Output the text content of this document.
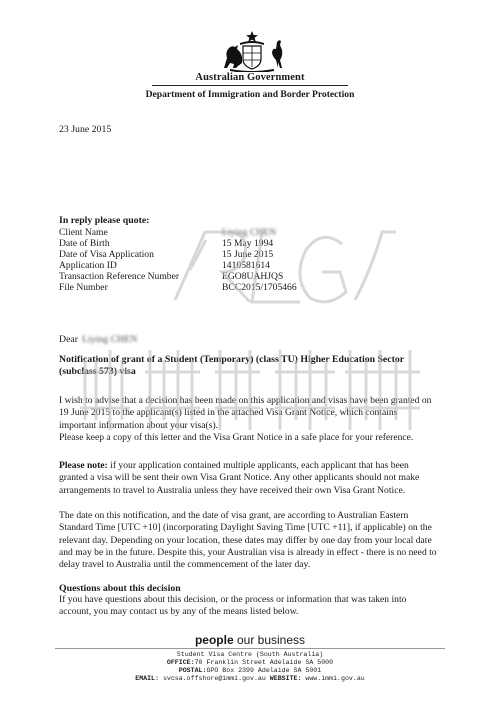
Australian Government
Department of Immigration and Border Protection
23 June 2015
In reply please quote:
Client Name	Liying CHEN
Date of Birth	15 May 1994
Date of Visa Application	15 June 2015
Application ID	1410581614
Transaction Reference Number	EGO8UAHJQS
File Number	BCC2015/1705466
Dear Liying CHEN
Notification of grant of a Student (Temporary) (class TU) Higher Education Sector (subclass 573) visa
I wish to advise that a decision has been made on this application and visas have been granted on 19 June 2015 to the applicant(s) listed in the attached Visa Grant Notice, which contains important information about your visa(s).
Please keep a copy of this letter and the Visa Grant Notice in a safe place for your reference.
Please note: if your application contained multiple applicants, each applicant that has been granted a visa will be sent their own Visa Grant Notice. Any other applicants should not make arrangements to travel to Australia unless they have received their own Visa Grant Notice.
The date on this notification, and the date of visa grant, are according to Australian Eastern Standard Time [UTC +10] (incorporating Daylight Saving Time [UTC +11], if applicable) on the relevant day. Depending on your location, these dates may differ by one day from your local date and may be in the future. Despite this, your Australian visa is already in effect - there is no need to delay travel to Australia until the commencement of the later day.
Questions about this decision
If you have questions about this decision, or the process or information that was taken into account, you may contact us by any of the means listed below.
people our business
Student Visa Centre (South Australia)
OFFICE:70 Franklin Street Adelaide SA 5000
POSTAL:GPO Box 2399 Adelaide SA 5001
EMAIL: svcsa.offshore@immi.gov.au WEBSITE: www.immi.gov.au
